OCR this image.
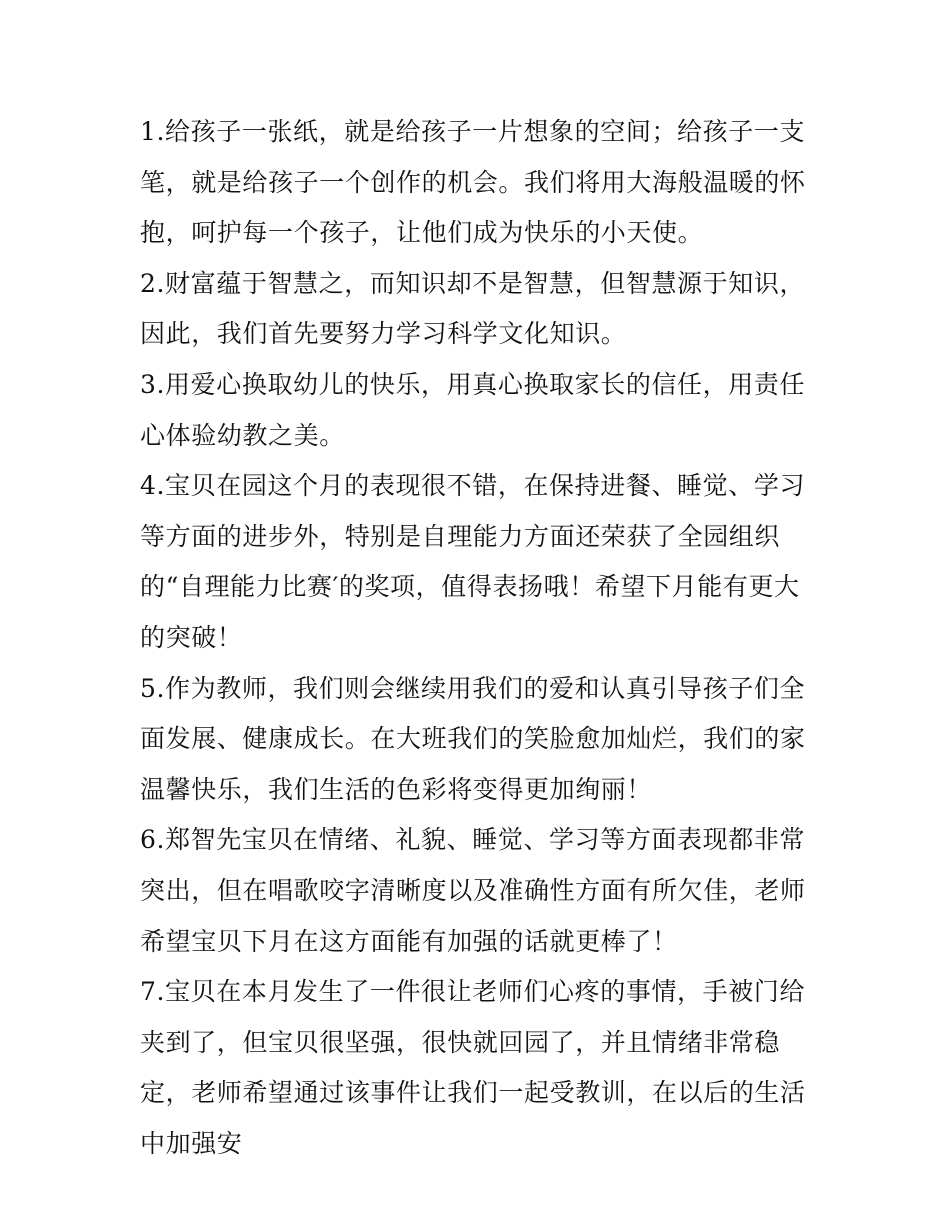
1.给孩子一张纸，就是给孩子一片想象的空间；给孩子一支笔，就是给孩子一个创作的机会。我们将用大海般温暖的怀抱，呵护每一个孩子，让他们成为快乐的小天使。

2.财富蕴于智慧之，而知识却不是智慧，但智慧源于知识，因此，我们首先要努力学习科学文化知识。

3.用爱心换取幼儿的快乐，用真心换取家长的信任，用责任心体验幼教之美。

4.宝贝在园这个月的表现很不错，在保持进餐、睡觉、学习等方面的进步外，特别是自理能力方面还荣获了全园组织的“自理能力比赛′的奖项，值得表扬哦！希望下月能有更大的突破！

5.作为教师，我们则会继续用我们的爱和认真引导孩子们全面发展、健康成长。在大班我们的笑脸愈加灿烂，我们的家温馨快乐，我们生活的色彩将变得更加绚丽！

6.郑智先宝贝在情绪、礼貌、睡觉、学习等方面表现都非常突出，但在唱歌咬字清晰度以及准确性方面有所欠佳，老师希望宝贝下月在这方面能有加强的话就更棒了！

7.宝贝在本月发生了一件很让老师们心疼的事情，手被门给夹到了，但宝贝很坚强，很快就回园了，并且情绪非常稳定，老师希望通过该事件让我们一起受教训，在以后的生活中加强安
